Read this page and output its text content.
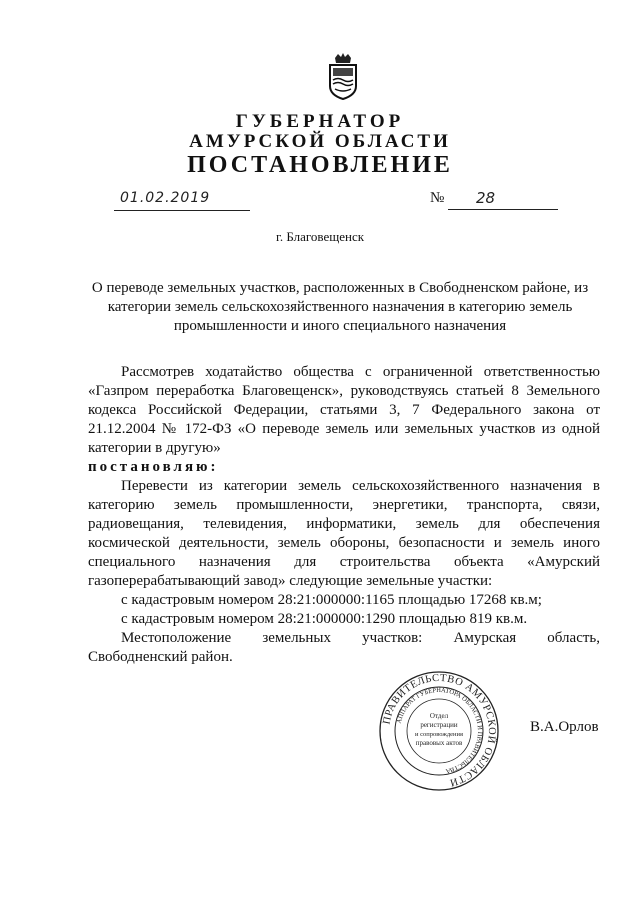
ГУБЕРНАТОР
АМУРСКОЙ ОБЛАСТИ
ПОСТАНОВЛЕНИЕ
01.02.2019	№	28
г. Благовещенск
О переводе земельных участков, расположенных в Свободненском районе, из категории земель сельскохозяйственного назначения в категорию земель промышленности и иного специального назначения
Рассмотрев ходатайство общества с ограниченной ответственностью
«Газпром переработка Благовещенск», руководствуясь статьей 8 Земельного
кодекса Российской Федерации, статьями 3, 7 Федерального закона от
21.12.2004 № 172-ФЗ «О переводе земель или земельных участков из одной
категории в другую»
постановляю:
Перевести из категории земель сельскохозяйственного назначения в
категорию земель промышленности, энергетики, транспорта, связи,
радиовещания, телевидения, информатики, земель для обеспечения
космической деятельности, земель обороны, безопасности и земель иного
специального назначения для строительства объекта «Амурский
газоперерабатывающий завод» следующие земельные участки:
с кадастровым номером 28:21:000000:1165 площадью 17268 кв.м;
с кадастровым номером 28:21:000000:1290 площадью 819 кв.м.
Местоположение земельных участков: Амурская область,
Свободненский район.
ПРАВИТЕЛЬСТВО АМУРСКОЙ ОБЛАСТИ
АППАРАТ ГУБЕРНАТОРА ОБЛАСТИ И ПРАВИТЕЛЬСТВА
Отдел
регистрации
и сопровождения
правовых актов
В.А.Орлов
